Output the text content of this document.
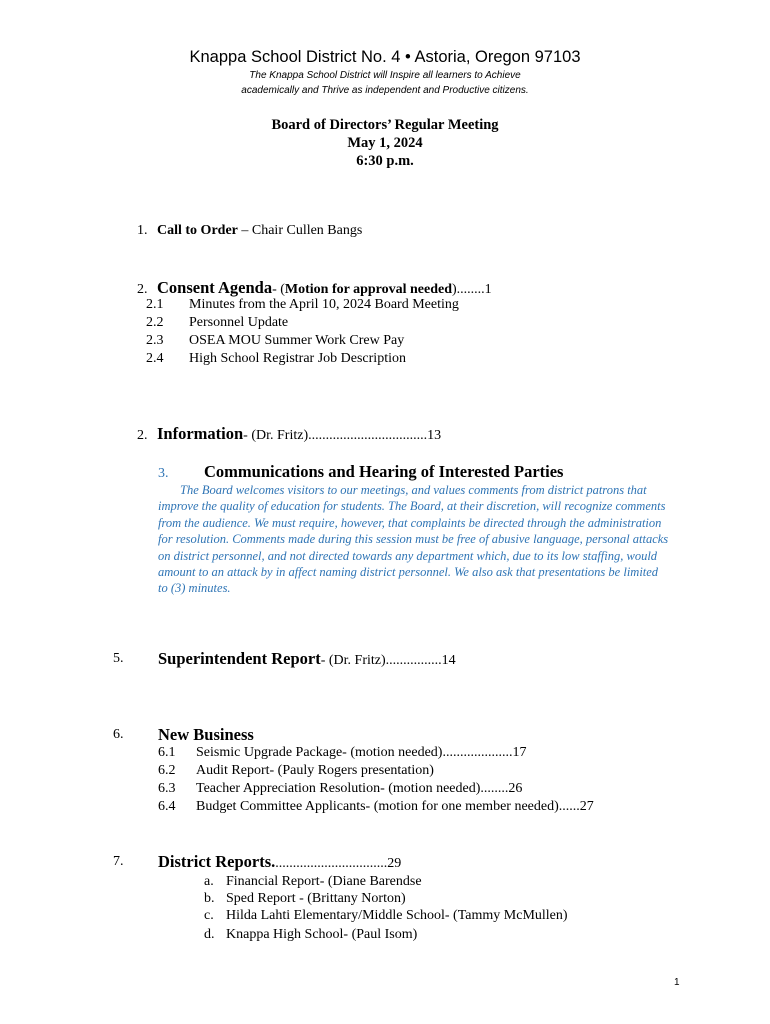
Knappa School District No. 4 • Astoria, Oregon 97103
The Knappa School District will Inspire all learners to Achieve
academically and Thrive as independent and Productive citizens.
Board of Directors’ Regular Meeting
May 1, 2024
6:30 p.m.
1. Call to Order – Chair Cullen Bangs
2. Consent Agenda- (Motion for approval needed)........1
2.1 Minutes from the April 10, 2024 Board Meeting
2.2 Personnel Update
2.3 OSEA MOU Summer Work Crew Pay
2.4 High School Registrar Job Description
2. Information- (Dr. Fritz)..................................13
3. Communications and Hearing of Interested Parties
The Board welcomes visitors to our meetings, and values comments from district patrons that
improve the quality of education for students. The Board, at their discretion, will recognize comments
from the audience. We must require, however, that complaints be directed through the administration
for resolution. Comments made during this session must be free of abusive language, personal attacks
on district personnel, and not directed towards any department which, due to its low staffing, would
amount to an attack by in affect naming district personnel. We also ask that presentations be limited
to (3) minutes.
5. Superintendent Report- (Dr. Fritz)................14
6. New Business
6.1 Seismic Upgrade Package- (motion needed)....................17
6.2 Audit Report- (Pauly Rogers presentation)
6.3 Teacher Appreciation Resolution- (motion needed)........26
6.4 Budget Committee Applicants- (motion for one member needed)......27
7. District Reports.................................29
a. Financial Report- (Diane Barendse
b. Sped Report - (Brittany Norton)
c. Hilda Lahti Elementary/Middle School- (Tammy McMullen)
d. Knappa High School- (Paul Isom)
1
